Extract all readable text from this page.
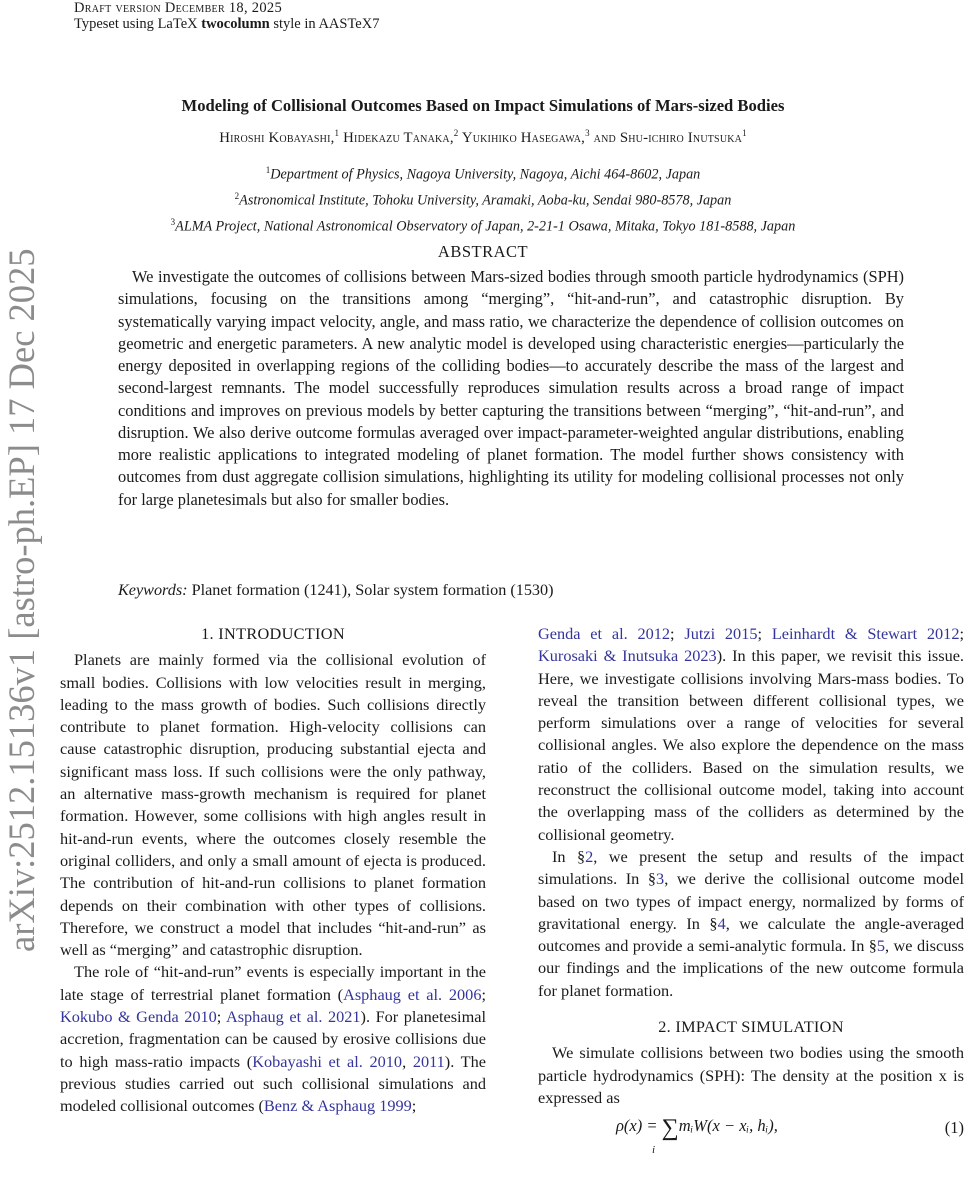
Draft version December 18, 2025
Typeset using LaTeX twocolumn style in AASTeX7
arXiv:2512.15136v1 [astro-ph.EP] 17 Dec 2025
Modeling of Collisional Outcomes Based on Impact Simulations of Mars-sized Bodies
Hiroshi Kobayashi,$^1$ Hidekazu Tanaka,$^2$ Yukihiko Hasegawa,$^3$ and Shu-ichiro Inutsuka$^1$
$^1$Department of Physics, Nagoya University, Nagoya, Aichi 464-8602, Japan
$^2$Astronomical Institute, Tohoku University, Aramaki, Aoba-ku, Sendai 980-8578, Japan
$^3$ALMA Project, National Astronomical Observatory of Japan, 2-21-1 Osawa, Mitaka, Tokyo 181-8588, Japan
ABSTRACT
We investigate the outcomes of collisions between Mars-sized bodies through smooth particle hydrodynamics (SPH) simulations, focusing on the transitions among “merging”, “hit-and-run”, and catastrophic disruption. By systematically varying impact velocity, angle, and mass ratio, we characterize the dependence of collision outcomes on geometric and energetic parameters. A new analytic model is developed using characteristic energies—particularly the energy deposited in overlapping regions of the colliding bodies—to accurately describe the mass of the largest and second-largest remnants. The model successfully reproduces simulation results across a broad range of impact conditions and improves on previous models by better capturing the transitions between “merging”, “hit-and-run”, and disruption. We also derive outcome formulas averaged over impact-parameter-weighted angular distributions, enabling more realistic applications to integrated modeling of planet formation. The model further shows consistency with outcomes from dust aggregate collision simulations, highlighting its utility for modeling collisional processes not only for large planetesimals but also for smaller bodies.
Keywords: Planet formation (1241), Solar system formation (1530)
1. INTRODUCTION

Planets are mainly formed via the collisional evolution of small bodies. Collisions with low velocities result in merging, leading to the mass growth of bodies. Such collisions directly contribute to planet formation. High-velocity collisions can cause catastrophic disruption, producing substantial ejecta and significant mass loss. If such collisions were the only pathway, an alternative mass-growth mechanism is required for planet formation. However, some collisions with high angles result in hit-and-run events, where the outcomes closely resemble the original colliders, and only a small amount of ejecta is produced. The contribution of hit-and-run collisions to planet formation depends on their combination with other types of collisions. Therefore, we construct a model that includes “hit-and-run” as well as “merging” and catastrophic disruption.

The role of “hit-and-run” events is especially important in the late stage of terrestrial planet formation (Asphaug et al. 2006; Kokubo & Genda 2010; Asphaug et al. 2021). For planetesimal accretion, fragmentation can be caused by erosive collisions due to high mass-ratio impacts (Kobayashi et al. 2010, 2011). The previous studies carried out such collisional simulations and modeled collisional outcomes (Benz & Asphaug 1999;

Genda et al. 2012; Jutzi 2015; Leinhardt & Stewart 2012; Kurosaki & Inutsuka 2023). In this paper, we revisit this issue. Here, we investigate collisions involving Mars-mass bodies. To reveal the transition between different collisional types, we perform simulations over a range of velocities for several collisional angles. We also explore the dependence on the mass ratio of the colliders. Based on the simulation results, we reconstruct the collisional outcome model, taking into account the overlapping mass of the colliders as determined by the collisional geometry.

In §2, we present the setup and results of the impact simulations. In §3, we derive the collisional outcome model based on two types of impact energy, normalized by forms of gravitational energy. In §4, we calculate the angle-averaged outcomes and provide a semi-analytic formula. In §5, we discuss our findings and the implications of the new outcome formula for planet formation.

2. IMPACT SIMULATION

We simulate collisions between two bodies using the smooth particle hydrodynamics (SPH): The density at the position x is expressed as

ρ(x) = ∑mᵢW(x − xᵢ, hᵢ),
i
(1)
